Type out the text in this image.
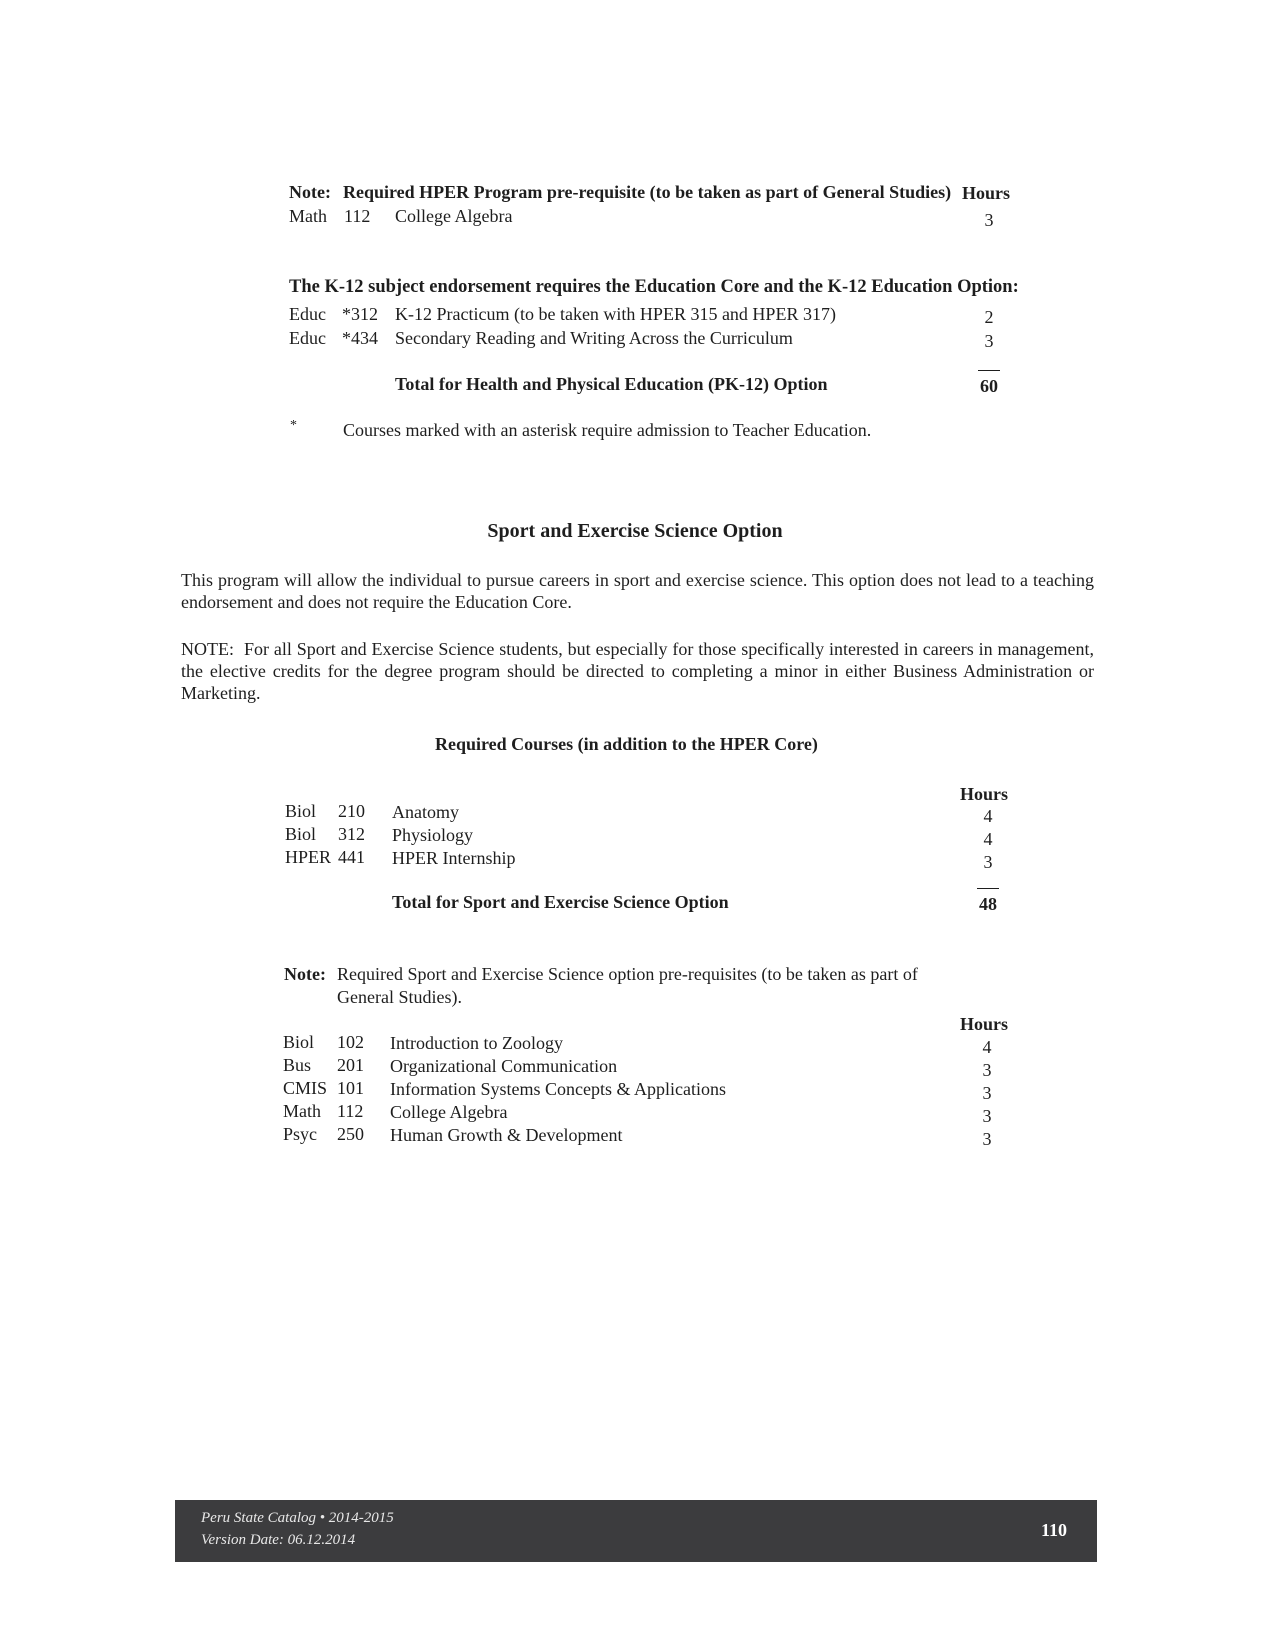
Note: Required HPER Program pre-requisite (to be taken as part of General Studies) Hours
Math 112 College Algebra	3
The K-12 subject endorsement requires the Education Core and the K-12 Education Option:
Educ *312 K-12 Practicum (to be taken with HPER 315 and HPER 317)	2
Educ *434 Secondary Reading and Writing Across the Curriculum	3
Total for Health and Physical Education (PK-12) Option	60
*	Courses marked with an asterisk require admission to Teacher Education.
Sport and Exercise Science Option
This program will allow the individual to pursue careers in sport and exercise science. This option does not lead to a teaching endorsement and does not require the Education Core.
NOTE: For all Sport and Exercise Science students, but especially for those specifically interested in careers in management, the elective credits for the degree program should be directed to completing a minor in either Business Administration or Marketing.
Required Courses (in addition to the HPER Core)
Hours
Biol 210 Anatomy	4
Biol 312 Physiology	4
HPER 441 HPER Internship	3
Total for Sport and Exercise Science Option	48
Note: Required Sport and Exercise Science option pre-requisites (to be taken as part of
General Studies).
Hours
Biol 102 Introduction to Zoology	4
Bus 201 Organizational Communication	3
CMIS 101 Information Systems Concepts & Applications	3
Math 112 College Algebra	3
Psyc 250 Human Growth & Development	3
Peru State Catalog • 2014-2015
Version Date: 06.12.2014	110
